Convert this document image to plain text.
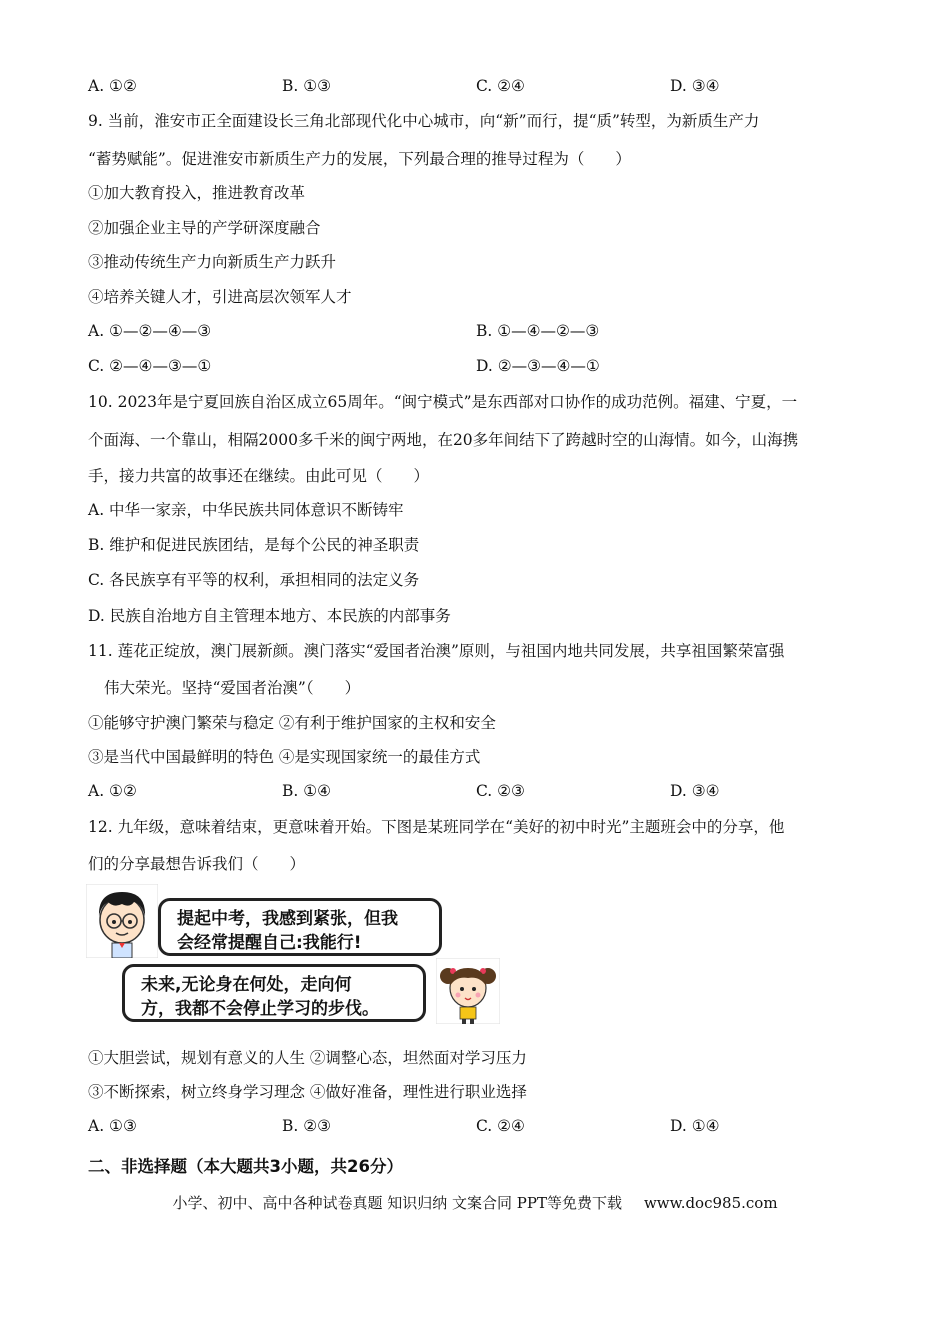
A. ①②	B. ①③	C. ②④	D. ③④
9. 当前，淮安市正全面建设长三角北部现代化中心城市，向“新”而行，提“质”转型，为新质生产力
“蓄势赋能”。促进淮安市新质生产力的发展，下列最合理的推导过程为（　　）
①加大教育投入，推进教育改革
②加强企业主导的产学研深度融合
③推动传统生产力向新质生产力跃升
④培养关键人才，引进高层次领军人才
A. ①—②—④—③	B. ①—④—②—③
C. ②—④—③—①	D. ②—③—④—①
10. 2023年是宁夏回族自治区成立65周年。“闽宁模式”是东西部对口协作的成功范例。福建、宁夏，一
个面海、一个靠山，相隔2000多千米的闽宁两地，在20多年间结下了跨越时空的山海情。如今，山海携
手，接力共富的故事还在继续。由此可见（　　）
A. 中华一家亲，中华民族共同体意识不断铸牢
B. 维护和促进民族团结，是每个公民的神圣职责
C. 各民族享有平等的权利，承担相同的法定义务
D. 民族自治地方自主管理本地方、本民族的内部事务
11. 莲花正绽放，澳门展新颜。澳门落实“爱国者治澳”原则，与祖国内地共同发展，共享祖国繁荣富强
伟大荣光。坚持“爱国者治澳”（　　）
①能够守护澳门繁荣与稳定 ②有利于维护国家的主权和安全
③是当代中国最鲜明的特色 ④是实现国家统一的最佳方式
A. ①②	B. ①④	C. ②③	D. ③④
12. 九年级，意味着结束，更意味着开始。下图是某班同学在“美好的初中时光”主题班会中的分享，他
们的分享最想告诉我们（　　）
提起中考，我感到紧张，但我
会经常提醒自己:我能行!
未来,无论身在何处，走向何
方，我都不会停止学习的步伐。
①大胆尝试，规划有意义的人生 ②调整心态，坦然面对学习压力
③不断探索，树立终身学习理念 ④做好准备，理性进行职业选择
A. ①③	B. ②③	C. ②④	D. ①④
二、非选择题（本大题共3小题，共26分）
小学、初中、高中各种试卷真题 知识归纳 文案合同 PPT等免费下载 www.doc985.com
